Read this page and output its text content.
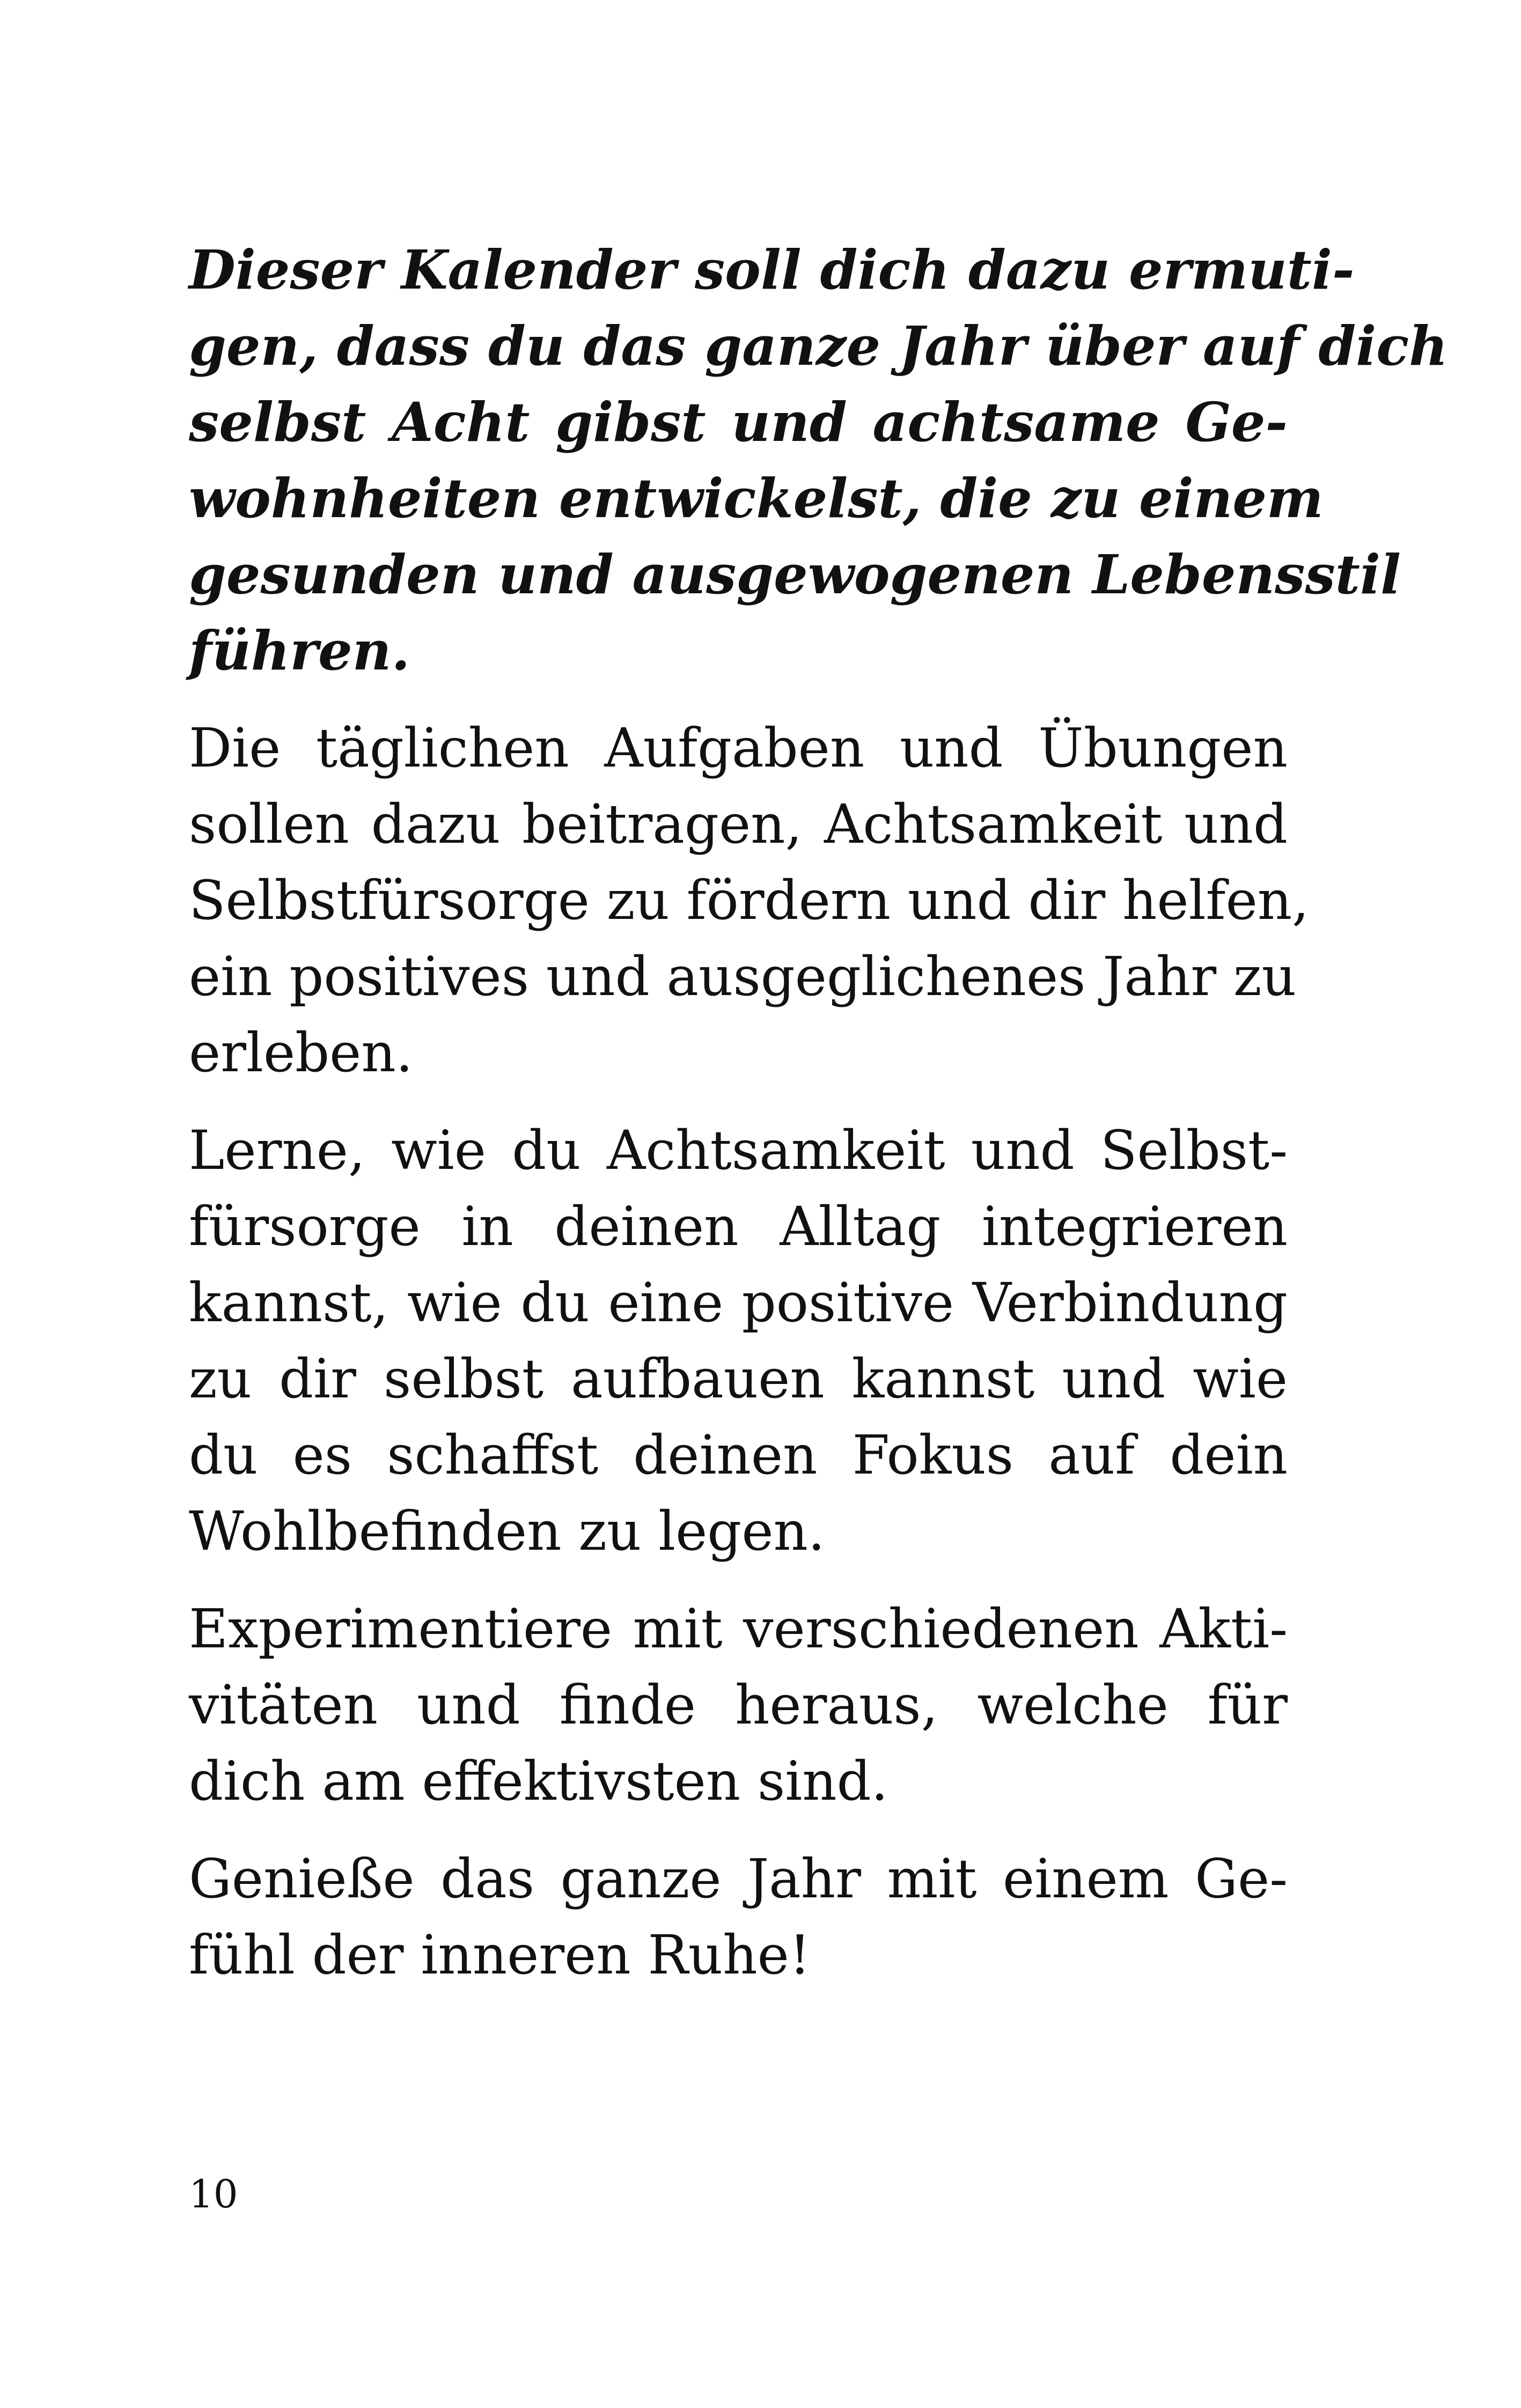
Dieser Kalender soll dich dazu ermuti-
gen, dass du das ganze Jahr über auf dich
selbst Acht gibst und achtsame Ge-
wohnheiten entwickelst, die zu einem
gesunden und ausgewogenen Lebensstil
führen.
Die täglichen Aufgaben und Übungen
sollen dazu beitragen, Achtsamkeit und
Selbstfürsorge zu fördern und dir helfen,
ein positives und ausgeglichenes Jahr zu
erleben.
Lerne, wie du Achtsamkeit und Selbst-
fürsorge in deinen Alltag integrieren
kannst, wie du eine positive Verbindung
zu dir selbst aufbauen kannst und wie
du es schaffst deinen Fokus auf dein
Wohlbefinden zu legen.
Experimentiere mit verschiedenen Akti-
vitäten und finde heraus, welche für
dich am effektivsten sind.
Genieße das ganze Jahr mit einem Ge-
fühl der inneren Ruhe!
10
